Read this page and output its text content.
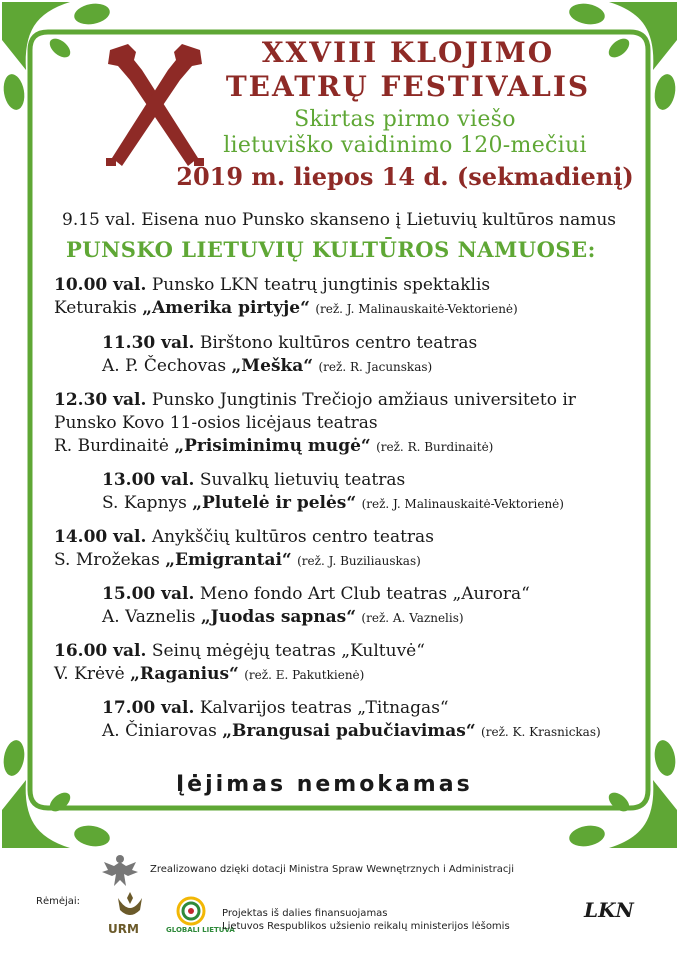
XXVIII KLOJIMO
TEATRŲ FESTIVALIS
Skirtas pirmo viešo
lietuviško vaidinimo 120-mečiui
2019 m. liepos 14 d. (sekmadienį)
9.15 val. Eisena nuo Punsko skanseno į Lietuvių kultūros namus
PUNSKO LIETUVIŲ KULTŪROS NAMUOSE:
10.00 val. Punsko LKN teatrų jungtinis spektaklis
Keturakis „Amerika pirtyje“ (rež. J. Malinauskaitė-Vektorienė)
11.30 val. Birštono kultūros centro teatras
A. P. Čechovas „Meška“ (rež. R. Jacunskas)
12.30 val. Punsko Jungtinis Trečiojo amžiaus universiteto ir
Punsko Kovo 11-osios licėjaus teatras
R. Burdinaitė „Prisiminimų mugė“ (rež. R. Burdinaitė)
13.00 val. Suvalkų lietuvių teatras
S. Kapnys „Plutelė ir pelės“ (rež. J. Malinauskaitė-Vektorienė)
14.00 val. Anykščių kultūros centro teatras
S. Mrožekas „Emigrantai“ (rež. J. Buziliauskas)
15.00 val. Meno fondo Art Club teatras „Aurora“
A. Vaznelis „Juodas sapnas“ (rež. A. Vaznelis)
16.00 val. Seinų mėgėjų teatras „Kultuvė“
V. Krėvė „Raganius“ (rež. E. Pakutkienė)
17.00 val. Kalvarijos teatras „Titnagas“
A. Činiarovas „Brangusai pabučiavimas“ (rež. K. Krasnickas)
Įėjimas nemokamas
Zrealizowano dzięki dotacji Ministra Spraw Wewnętrznych i Administracji
Rėmėjai:
URM	GLOBALI LIETUVA
Projektas iš dalies finansuojamas
Lietuvos Respublikos užsienio reikalų ministerijos lėšomis
LKN
